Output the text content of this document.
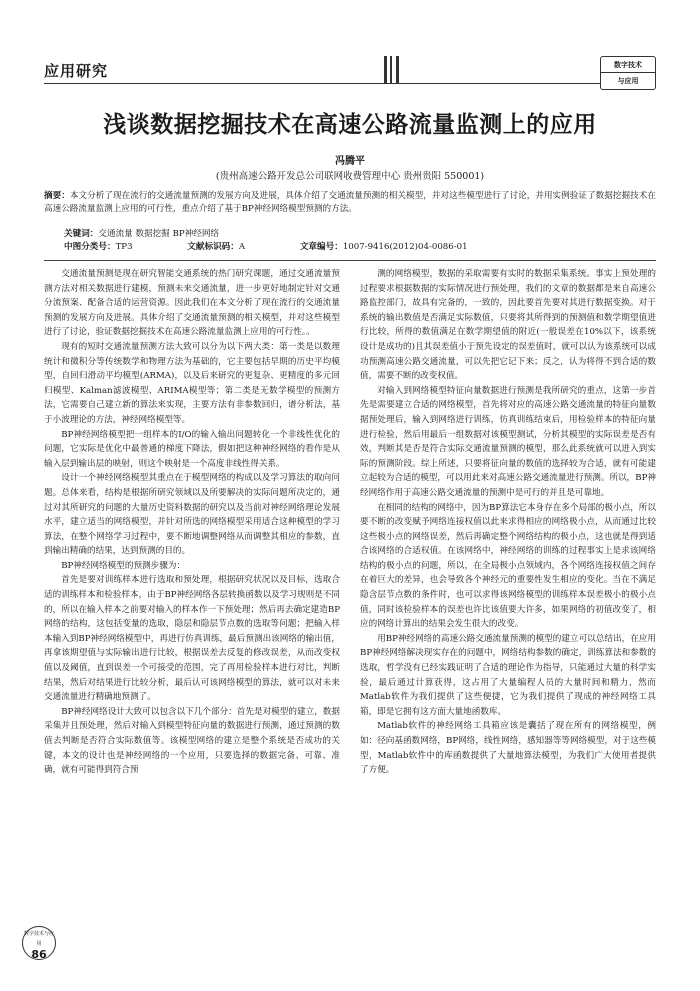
应用研究	数字技术
与应用
浅谈数据挖掘技术在高速公路流量监测上的应用
冯腾平
(贵州高速公路开发总公司联网收费管理中心 贵州贵阳 550001)
摘要：本文分析了现在流行的交通流量预测的发展方向及进展，具体介绍了交通流量预测的相关模型，并对这些模型进行了讨论，并用实例验证了数据挖掘技术在高速公路流量监测上应用的可行性，重点介绍了基于BP神经网络模型预测的方法。
关键词：交通流量 数据挖掘 BP神经网络
中图分类号：TP3	文献标识码：A	文章编号：1007-9416(2012)04-0086-01

交通流量预测是现在研究智能交通系统的热门研究课题，通过交通流量预测方法对相关数据进行建模，预测未来交通流量，进一步更好地制定针对交通分流预案、配备合适的运营资源。因此我们在本文分析了现在流行的交通流量预测的发展方向及进展。具体介绍了交通流量预测的相关模型，并对这些模型进行了讨论，验证数据挖掘技术在高速公路流量监测上应用的可行性。。

现有的短时交通流量预测方法大致可以分为以下两大类：第一类是以数理统计和微积分等传统数学和物理方法为基础的，它主要包括早期的历史平均模型，自回归滑动平均模型(ARMA)，以及后来研究的更复杂、更精度的多元回归模型、Kalman滤波模型、ARIMA模型等；第二类是无数学模型的预测方法，它需要自己建立新的算法来实现，主要方法有非参数回归，谱分析法，基于小波理论的方法，神经网络模型等。

BP神经网络模型把一组样本的I/O的输入输出问题转化一个非线性优化的问题，它实际是优化中最普通的梯度下降法，假如把这种神经网络的看作是从输入层到输出层的映射，则这个映射是一个高度非线性得关系。

设计一个神经网络模型其重点在于模型网络的构成以及学习算法的取向问题。总体来看，结构是根据所研究领域以及所要解决的实际问题所决定的，通过对其所研究的问题的大量历史资料数据的研究以及当前对神经网络理论发展水平，建立适当的网络模型，并针对所选的网络模型采用适合这种模型的学习算法，在整个网络学习过程中，要不断地调整网络从而调整其相应的参数，直到输出精确的结果，达到预测的目的。

BP神经网络模型的预测步骤为：

首先是要对训练样本进行选取和预处理，根据研究状况以及目标，选取合适的训练样本和检验样本，由于BP神经网络各层转换函数以及学习规则是不同的，所以在输入样本之前要对输入的样本作一下预处理；然后再去确定建造BP网络的结构，这包括变量的选取，隐层和隐层节点数的选取等问题；把输入样本输入到BP神经网络模型中，再进行仿真训练，最后预测出该网络的输出值，再拿该期望值与实际输出进行比较，根据误差去反复的修改误差，从而改变权值以及阈值，直到误差一个可接受的范围，完了再用检验样本进行对比，判断结果，然后对结果进行比较分析，最后认可该网络模型的算法，就可以对未来交通流量进行精确地预测了。

BP神经网络设计大致可以包含以下几个部分：首先是对模型的建立，数据采集并且预处理，然后对输入到模型特征向量的数据进行预测，通过预测的数值去判断是否符合实际数值等。该模型网络的建立是整个系统是否成功的关键，本文的设计也是神经网络的一个应用，只要选择的数据完备、可靠、准确，就有可能得到符合预

测的网络模型，数据的采取需要有实时的数据采集系统。事实上预处理的过程要求根据数据的实际情况进行预处理，我们的文章的数据都是来自高速公路监控部门，故具有完备的，一致的，因此要首先要对其进行数据变换。对于系统的输出数值是否满足实际数值，只要将其所得到的预测值和数学期望值进行比较，所得的数值满足在数学期望值的附近(一般误差在10%以下，该系统设计是成功的)且其误差值小于预先设定的误差值时，就可以认为该系统可以成功预测高速公路交通流量，可以先把它记下来；反之，认为将得不到合适的数值，需要不断的改变权值。

对输入到网络模型特征向量数据进行预测是我所研究的重点，这第一步首先是需要建立合适的网络模型，首先将对应的高速公路交通流量的特征向量数据预处理后，输入到网络进行训练，仿真训练结束后，用检验样本的特征向量进行检验，然后用最后一组数据对该模型测试，分析其模型的实际误差是否有效，判断其是否是符合实际交通流量预测的模型，那么此系统就可以进入到实际的预测阶段。综上所述，只要将征向量的数值的选择较为合适，就有可能建立起较为合适的模型，可以用此来对高速公路交通流量进行预测。所以，BP神经网络作用于高速公路交通流量的预测中是可行的并且是可靠地。

在相同的结构的网络中，因为BP算法它本身存在多个局部的极小点，所以要不断的改变赋予网络连接权值以此来求得相应的网络极小点，从而通过比较这些极小点的网络误差，然后再确定整个网络结构的极小点，这也就是得到适合该网络的合适权值。在该网络中，神经网络的训练的过程事实上是求该网络结构的极小点的问题，所以，在全局极小点领域内，各个网络连接权值之间存在着巨大的差异，也会导致各个神经元的重要性发生相应的变化。当在不满足隐含层节点数的条件时，也可以求得该网络模型的训练样本误差极小的极小点值，同时该检验样本的误差也许比该值要大许多，如果网络的初值改变了，相应的网络计算出的结果会发生很大的改变。

用BP神经网络的高速公路交通流量预测的模型的建立可以总结出，在应用BP神经网络解决现实存在的问题中，网络结构参数的确定，训练算法和参数的选取，哲学没有已经实践证明了合适的理论作为指导，只能通过大量的科学实验，最后通过计算获得，这占用了大量编程人员的大量时间和精力，然而Matlab软件为我们提供了这些便捷，它为我们提供了现成的神经网络工具箱，即是它拥有这方面大量地函数库。

Matlab软件的神经网络工具箱应该是囊括了现在所有的网络模型，例如：径向基函数网络，BP网络，线性网络，感知器等等网络模型，对于这些模型，Matlab软件中的库函数提供了大量地算法模型，为我们广大使用者提供了方便。

数字技术与应用
86
